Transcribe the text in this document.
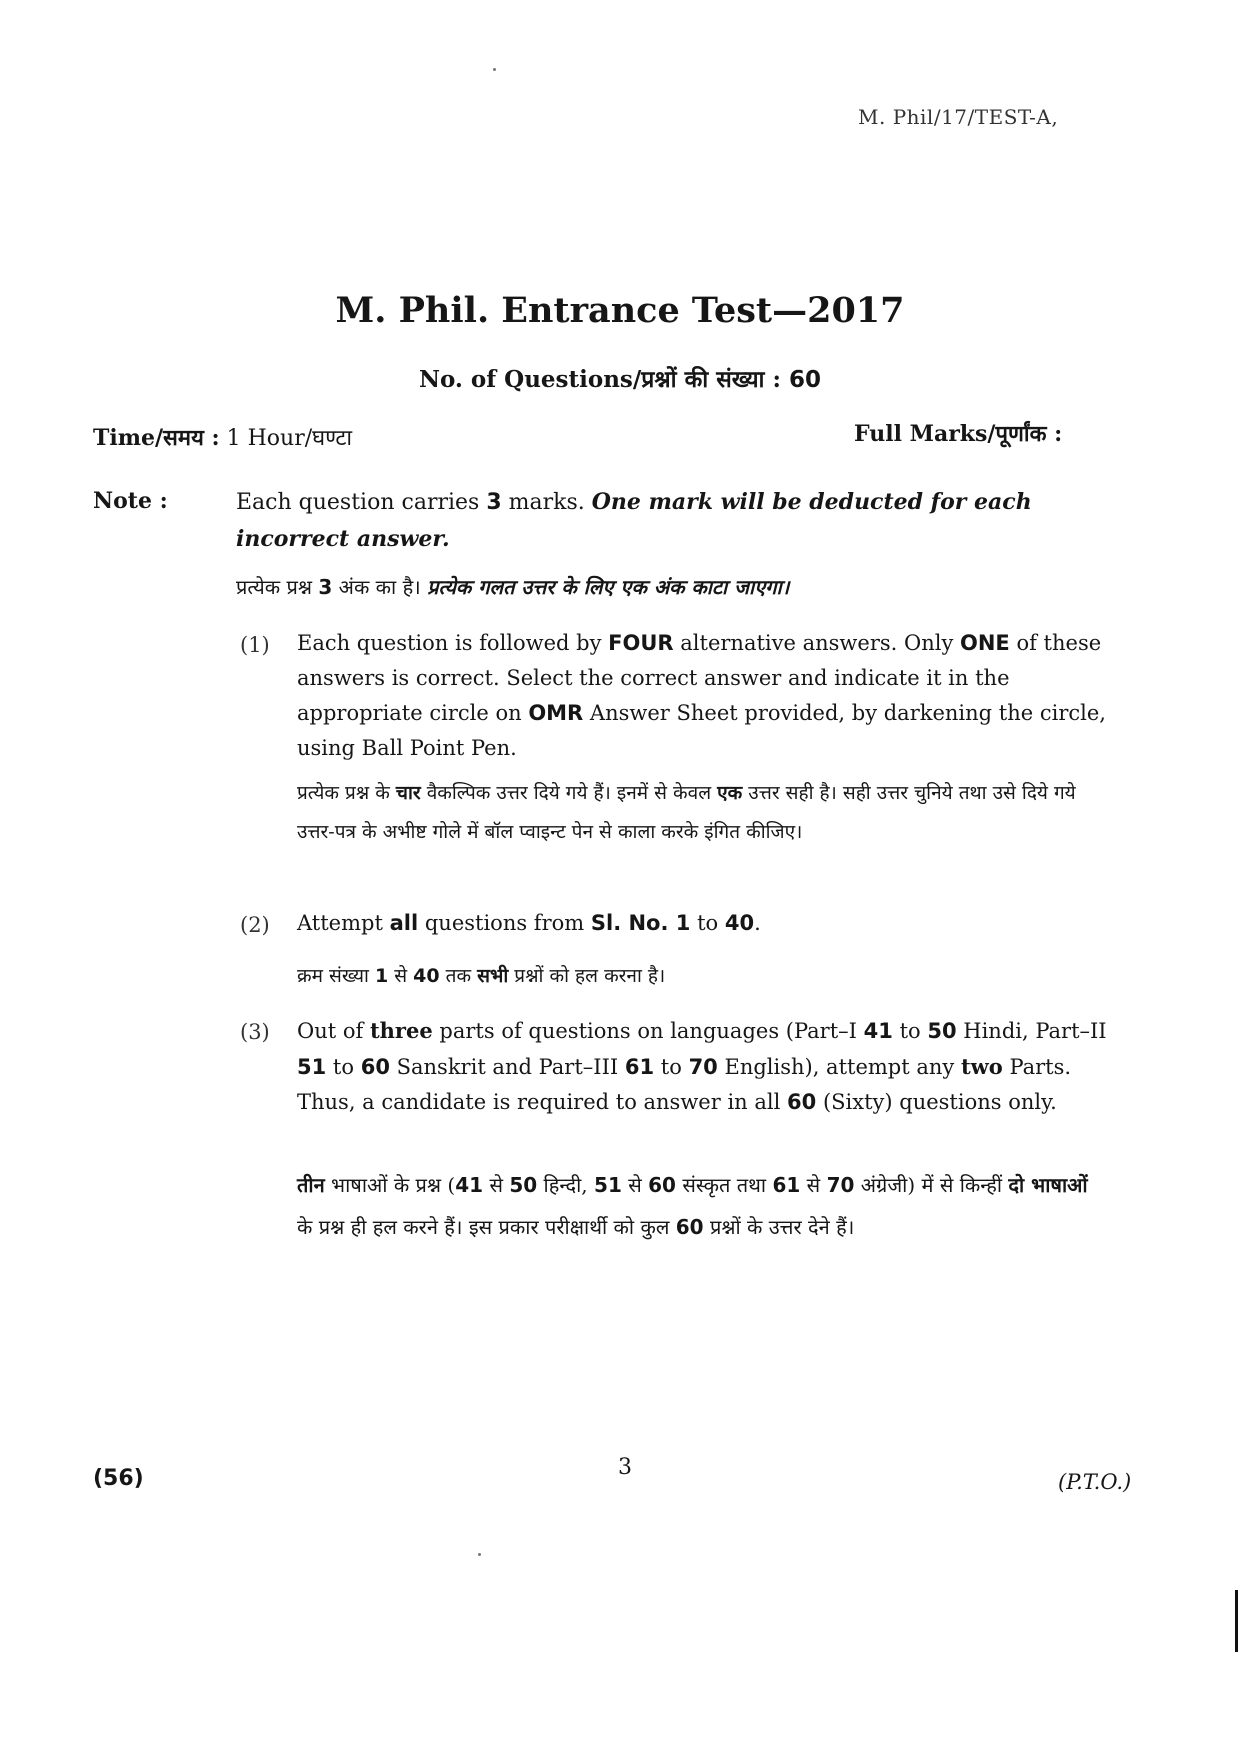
M. Phil/17/TEST-A,
M. Phil. Entrance Test—2017
No. of Questions/प्रश्नों की संख्या : 60
Time/समय : 1 Hour/घण्टा	Full Marks/पूर्णांक :
Note :	Each question carries 3 marks. One mark will be deducted for each incorrect answer.
प्रत्येक प्रश्न 3 अंक का है। प्रत्येक गलत उत्तर के लिए एक अंक काटा जाएगा।
(1) Each question is followed by FOUR alternative answers. Only ONE of these answers is correct. Select the correct answer and indicate it in the appropriate circle on OMR Answer Sheet provided, by darkening the circle, using Ball Point Pen.
प्रत्येक प्रश्न के चार वैकल्पिक उत्तर दिये गये हैं। इनमें से केवल एक उत्तर सही है। सही उत्तर चुनिये तथा उसे दिये गये उत्तर-पत्र के अभीष्ट गोले में बॉल प्वाइन्ट पेन से काला करके इंगित कीजिए।
(2) Attempt all questions from Sl. No. 1 to 40.
क्रम संख्या 1 से 40 तक सभी प्रश्नों को हल करना है।
(3) Out of three parts of questions on languages (Part–I 41 to 50 Hindi, Part–II 51 to 60 Sanskrit and Part–III 61 to 70 English), attempt any two Parts. Thus, a candidate is required to answer in all 60 (Sixty) questions only.
तीन भाषाओं के प्रश्न (41 से 50 हिन्दी, 51 से 60 संस्कृत तथा 61 से 70 अंग्रेजी) में से किन्हीं दो भाषाओं के प्रश्न ही हल करने हैं। इस प्रकार परीक्षार्थी को कुल 60 प्रश्नों के उत्तर देने हैं।
(56)	3
(P.T.O.)
